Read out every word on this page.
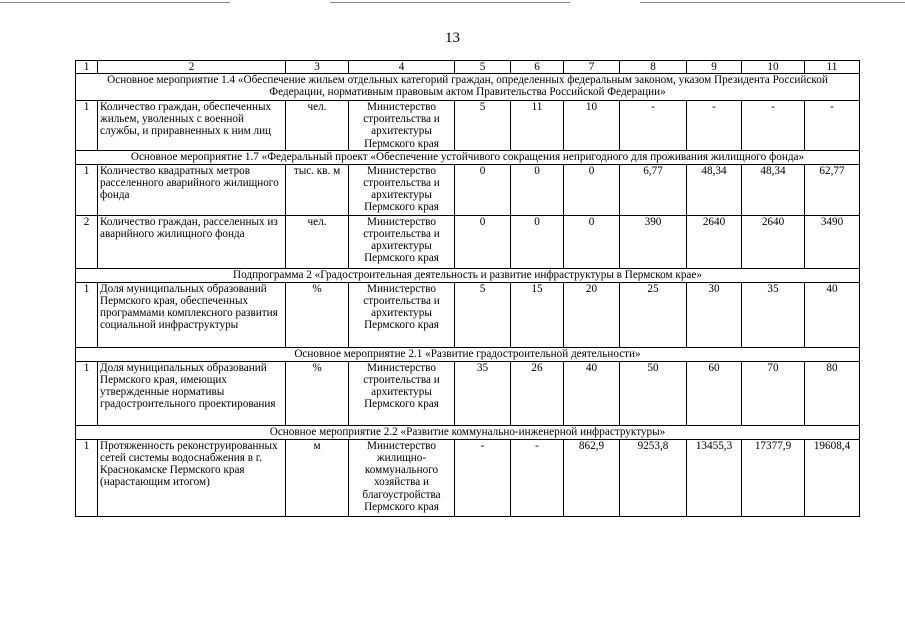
13
1	2	3	4	5	6	7	8	9	10	11
Основное мероприятие 1.4 «Обеспечение жильем отдельных категорий граждан, определенных федеральным законом, указом Президента Российской Федерации, нормативным правовым актом Правительства Российской Федерации»										
1	Количество граждан, обеспеченных жильем, уволенных с военной службы, и приравненных к ним лиц	чел.	Министерство строительства и архитектуры Пермского края	5	11	10	-	-	-	-
Основное мероприятие 1.7 «Федеральный проект «Обеспечение устойчивого сокращения непригодного для проживания жилищного фонда»										
1	Количество квадратных метров расселенного аварийного жилищного фонда	тыс. кв. м	Министерство строительства и архитектуры Пермского края	0	0	0	6,77	48,34	48,34	62,77
2	Количество граждан, расселенных из аварийного жилищного фонда	чел.	Министерство строительства и архитектуры Пермского края	0	0	0	390	2640	2640	3490
Подпрограмма 2 «Градостроительная деятельность и развитие инфраструктуры в Пермском крае»										
1	Доля муниципальных образований Пермского края, обеспеченных программами комплексного развития социальной инфраструктуры	%	Министерство строительства и архитектуры Пермского края	5	15	20	25	30	35	40
Основное мероприятие 2.1 «Развитие градостроительной деятельности»										
1	Доля муниципальных образований Пермского края, имеющих утвержденные нормативы градостроительного проектирования	%	Министерство строительства и архитектуры Пермского края	35	26	40	50	60	70	80
Основное мероприятие 2.2 «Развитие коммунально-инженерной инфраструктуры»										
1	Протяженность реконструированных сетей системы водоснабжения в г. Краснокамске Пермского края (нарастающим итогом)	м	Министерство жилищно-коммунального хозяйства и благоустройства Пермского края	-	-	862,9	9253,8	13455,3	17377,9	19608,4
